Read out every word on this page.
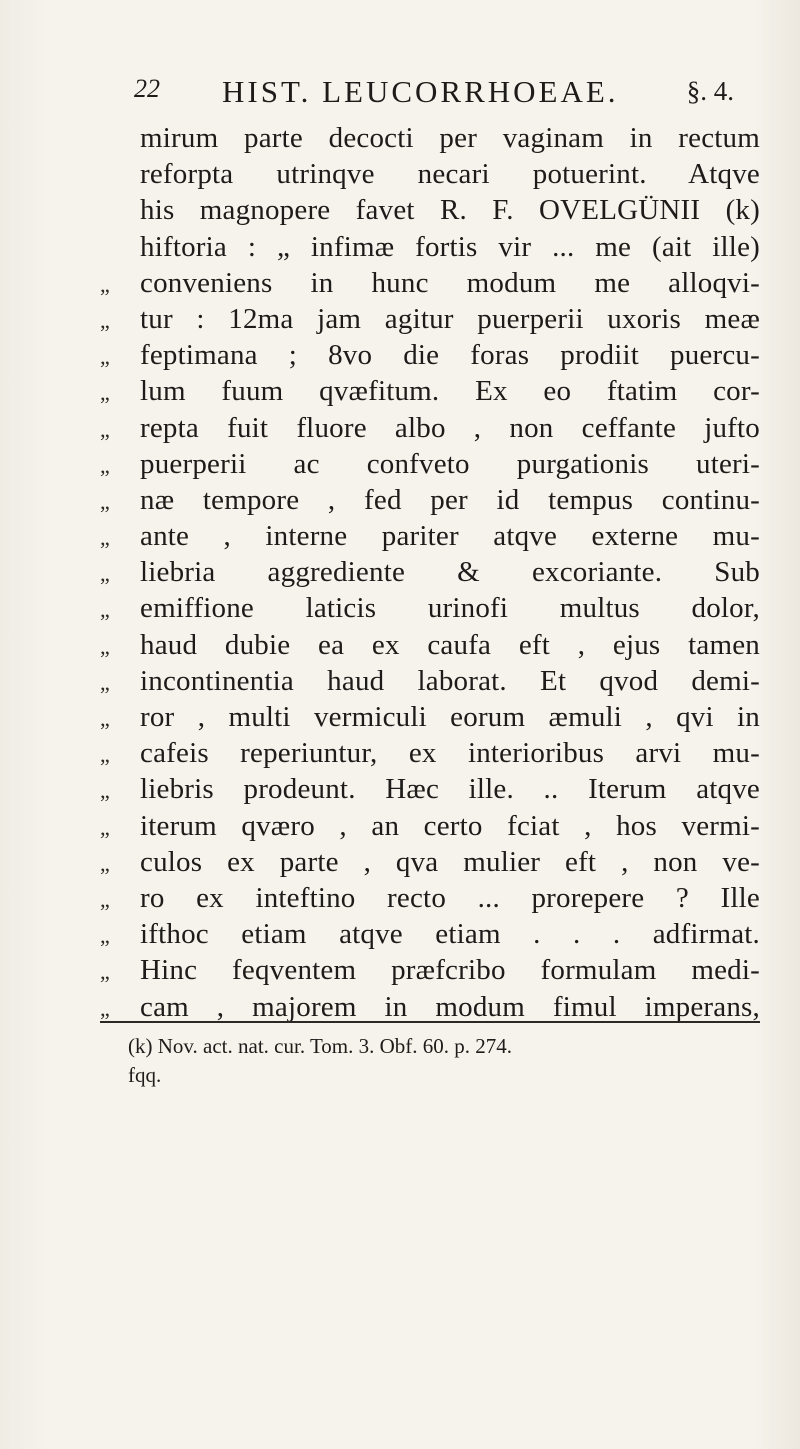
22 HIST. LEUCORRHOEAE.	§. 4.
mirum parte decocti per vaginam in rectum
reforpta utrinqve necari potuerint. Atqve
his magnopere favet R. F. OVELGÜNII (k)
hiftoria : „ infimæ fortis vir ... me (ait ille)
„	conveniens in hunc modum me alloqvi-
„	tur : 12ma jam agitur puerperii uxoris meæ
„	feptimana ; 8vo die foras prodiit puercu-
„	lum fuum qvæfitum. Ex eo ftatim cor-
„	repta fuit fluore albo , non ceffante jufto
„	puerperii ac confveto purgationis uteri-
„	næ tempore , fed per id tempus continu-
„	ante , interne pariter atqve externe mu-
„	liebria aggrediente & excoriante. Sub
„	emiffione laticis urinofi multus dolor,
„	haud dubie ea ex caufa eft , ejus tamen
„	incontinentia haud laborat. Et qvod demi-
„	ror , multi vermiculi eorum æmuli , qvi in
„	cafeis reperiuntur, ex interioribus arvi mu-
„	liebris prodeunt. Hæc ille. .. Iterum atqve
„	iterum qværo , an certo fciat , hos vermi-
„	culos ex parte , qva mulier eft , non ve-
„	ro ex inteftino recto ... prorepere ? Ille
„	ifthoc etiam atqve etiam . . . adfirmat.
„	Hinc feqventem præfcribo formulam medi-
„	cam , majorem in modum fimul imperans,
(k) Nov. act. nat. cur. Tom. 3. Obf. 60. p. 274.
fqq.
